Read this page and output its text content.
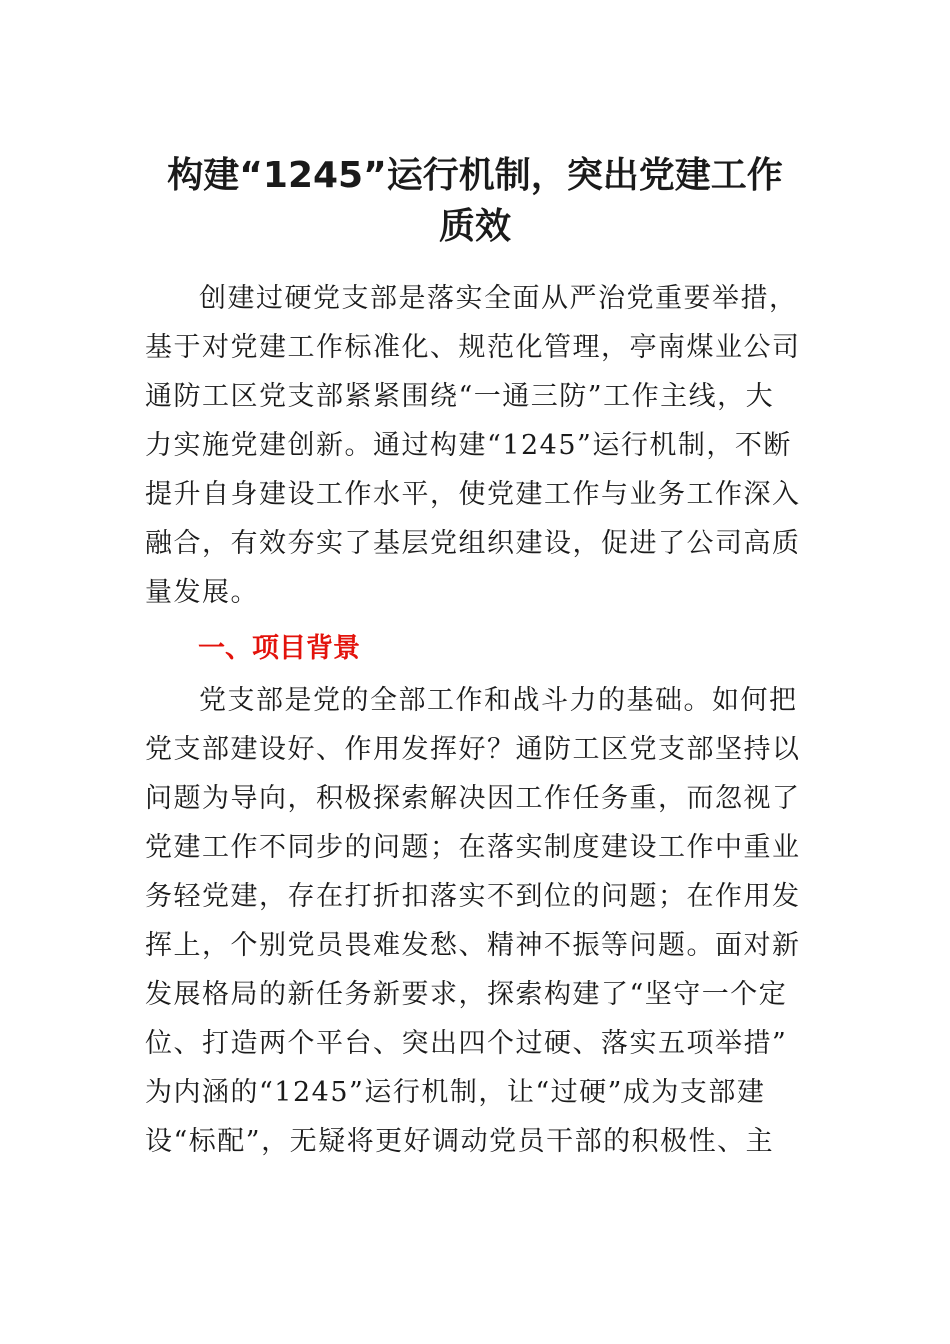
构建“1245”运行机制，突出党建工作
质效
创建过硬党支部是落实全面从严治党重要举措，
基于对党建工作标准化、规范化管理，亭南煤业公司
通防工区党支部紧紧围绕“一通三防”工作主线，大
力实施党建创新。通过构建“1245”运行机制，不断
提升自身建设工作水平，使党建工作与业务工作深入
融合，有效夯实了基层党组织建设，促进了公司高质
量发展。
一、项目背景
党支部是党的全部工作和战斗力的基础。如何把
党支部建设好、作用发挥好？通防工区党支部坚持以
问题为导向，积极探索解决因工作任务重，而忽视了
党建工作不同步的问题；在落实制度建设工作中重业
务轻党建，存在打折扣落实不到位的问题；在作用发
挥上，个别党员畏难发愁、精神不振等问题。面对新
发展格局的新任务新要求，探索构建了“坚守一个定
位、打造两个平台、突出四个过硬、落实五项举措”
为内涵的“1245”运行机制，让“过硬”成为支部建
设“标配”，无疑将更好调动党员干部的积极性、主
